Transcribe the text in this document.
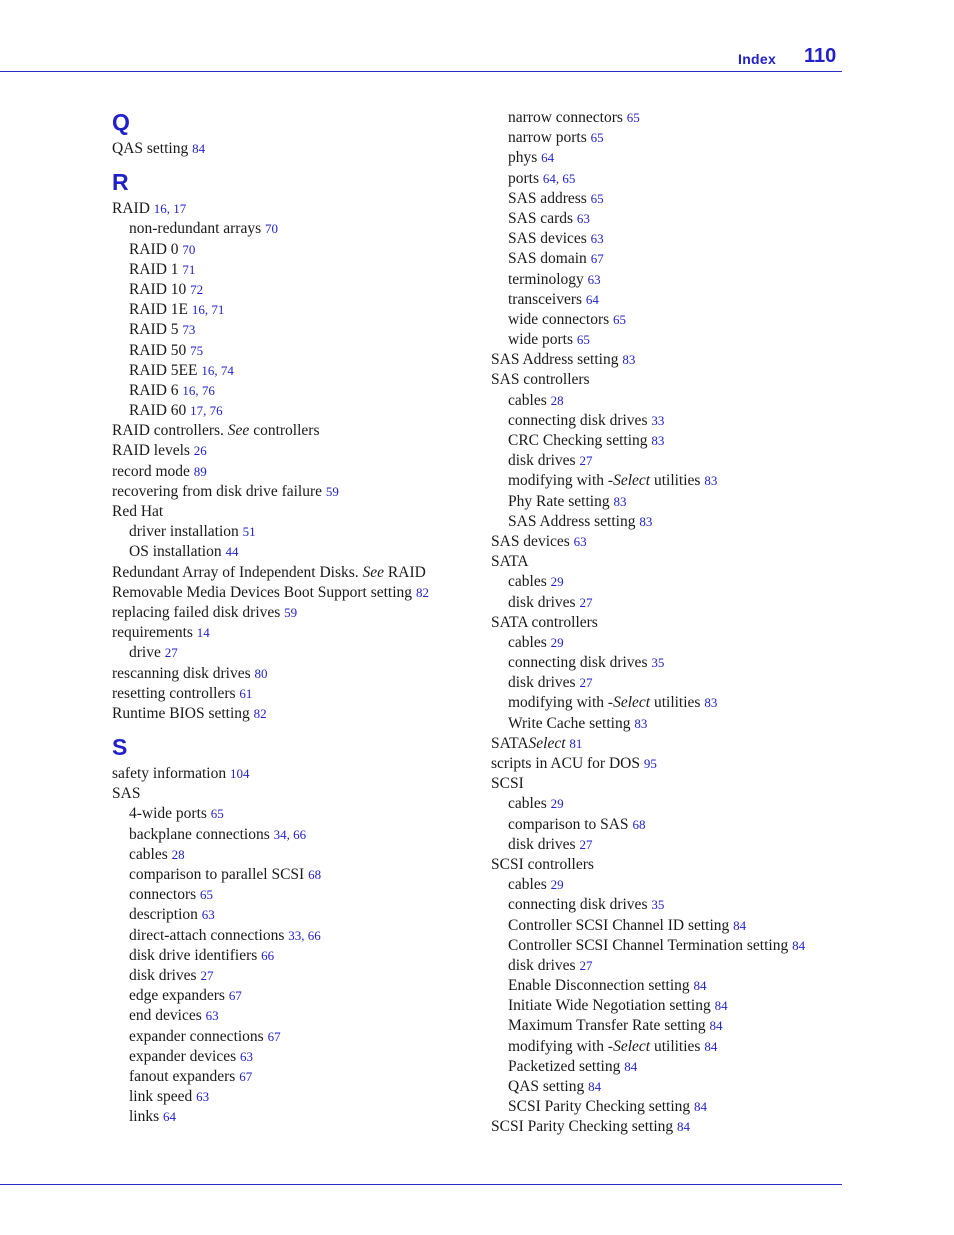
Index 110
Q
QAS setting 84
R
RAID 16, 17
non-redundant arrays 70
RAID 0 70
RAID 1 71
RAID 10 72
RAID 1E 16, 71
RAID 5 73
RAID 50 75
RAID 5EE 16, 74
RAID 6 16, 76
RAID 60 17, 76
RAID controllers. See controllers
RAID levels 26
record mode 89
recovering from disk drive failure 59
Red Hat
driver installation 51
OS installation 44
Redundant Array of Independent Disks. See RAID
Removable Media Devices Boot Support setting 82
replacing failed disk drives 59
requirements 14
drive 27
rescanning disk drives 80
resetting controllers 61
Runtime BIOS setting 82
S
safety information 104
SAS
4-wide ports 65
backplane connections 34, 66
cables 28
comparison to parallel SCSI 68
connectors 65
description 63
direct-attach connections 33, 66
disk drive identifiers 66
disk drives 27
edge expanders 67
end devices 63
expander connections 67
expander devices 63
fanout expanders 67
link speed 63
links 64
narrow connectors 65
narrow ports 65
phys 64
ports 64, 65
SAS address 65
SAS cards 63
SAS devices 63
SAS domain 67
terminology 63
transceivers 64
wide connectors 65
wide ports 65
SAS Address setting 83
SAS controllers
cables 28
connecting disk drives 33
CRC Checking setting 83
disk drives 27
modifying with -Select utilities 83
Phy Rate setting 83
SAS Address setting 83
SAS devices 63
SATA
cables 29
disk drives 27
SATA controllers
cables 29
connecting disk drives 35
disk drives 27
modifying with -Select utilities 83
Write Cache setting 83
SATASelect 81
scripts in ACU for DOS 95
SCSI
cables 29
comparison to SAS 68
disk drives 27
SCSI controllers
cables 29
connecting disk drives 35
Controller SCSI Channel ID setting 84
Controller SCSI Channel Termination setting 84
disk drives 27
Enable Disconnection setting 84
Initiate Wide Negotiation setting 84
Maximum Transfer Rate setting 84
modifying with -Select utilities 84
Packetized setting 84
QAS setting 84
SCSI Parity Checking setting 84
SCSI Parity Checking setting 84
